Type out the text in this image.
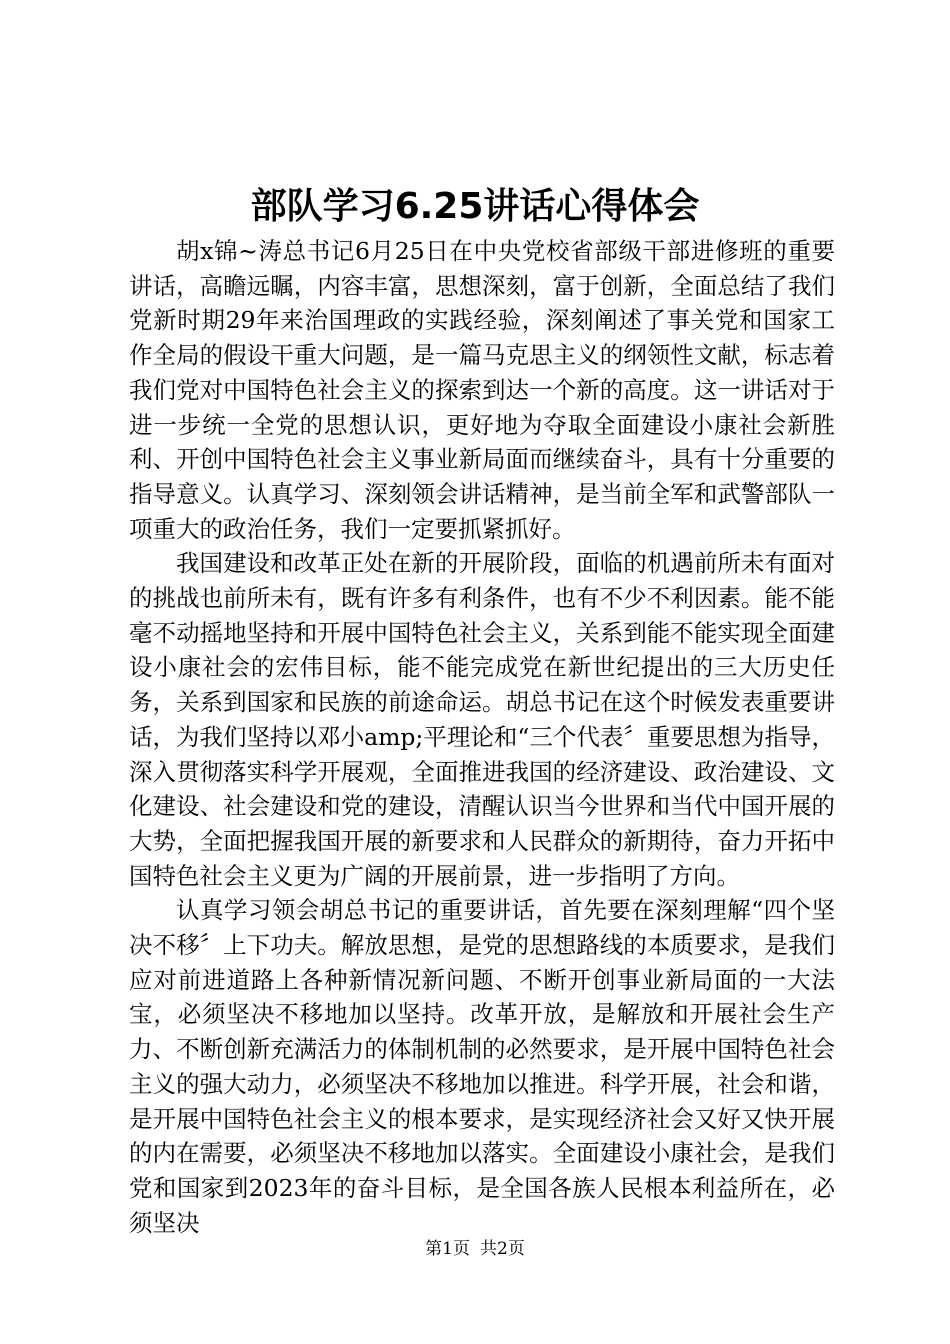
部队学习6.25讲话心得体会

胡x锦~涛总书记6月25日在中央党校省部级干部进修班的重要讲话，高瞻远瞩，内容丰富，思想深刻，富于创新，全面总结了我们党新时期29年来治国理政的实践经验，深刻阐述了事关党和国家工作全局的假设干重大问题，是一篇马克思主义的纲领性文献，标志着我们党对中国特色社会主义的探索到达一个新的高度。这一讲话对于进一步统一全党的思想认识，更好地为夺取全面建设小康社会新胜利、开创中国特色社会主义事业新局面而继续奋斗，具有十分重要的指导意义。认真学习、深刻领会讲话精神，是当前全军和武警部队一项重大的政治任务，我们一定要抓紧抓好。

我国建设和改革正处在新的开展阶段，面临的机遇前所未有面对的挑战也前所未有，既有许多有利条件，也有不少不利因素。能不能毫不动摇地坚持和开展中国特色社会主义，关系到能不能实现全面建设小康社会的宏伟目标，能不能完成党在新世纪提出的三大历史任务，关系到国家和民族的前途命运。胡总书记在这个时候发表重要讲话，为我们坚持以邓小amp;平理论和“三个代表〞重要思想为指导，深入贯彻落实科学开展观，全面推进我国的经济建设、政治建设、文化建设、社会建设和党的建设，清醒认识当今世界和当代中国开展的大势，全面把握我国开展的新要求和人民群众的新期待，奋力开拓中国特色社会主义更为广阔的开展前景，进一步指明了方向。

认真学习领会胡总书记的重要讲话，首先要在深刻理解“四个坚决不移〞上下功夫。解放思想，是党的思想路线的本质要求，是我们应对前进道路上各种新情况新问题、不断开创事业新局面的一大法宝，必须坚决不移地加以坚持。改革开放，是解放和开展社会生产力、不断创新充满活力的体制机制的必然要求，是开展中国特色社会主义的强大动力，必须坚决不移地加以推进。科学开展，社会和谐，是开展中国特色社会主义的根本要求，是实现经济社会又好又快开展的内在需要，必须坚决不移地加以落实。全面建设小康社会，是我们党和国家到2023年的奋斗目标，是全国各族人民根本利益所在，必须坚决

第1页 共2页
